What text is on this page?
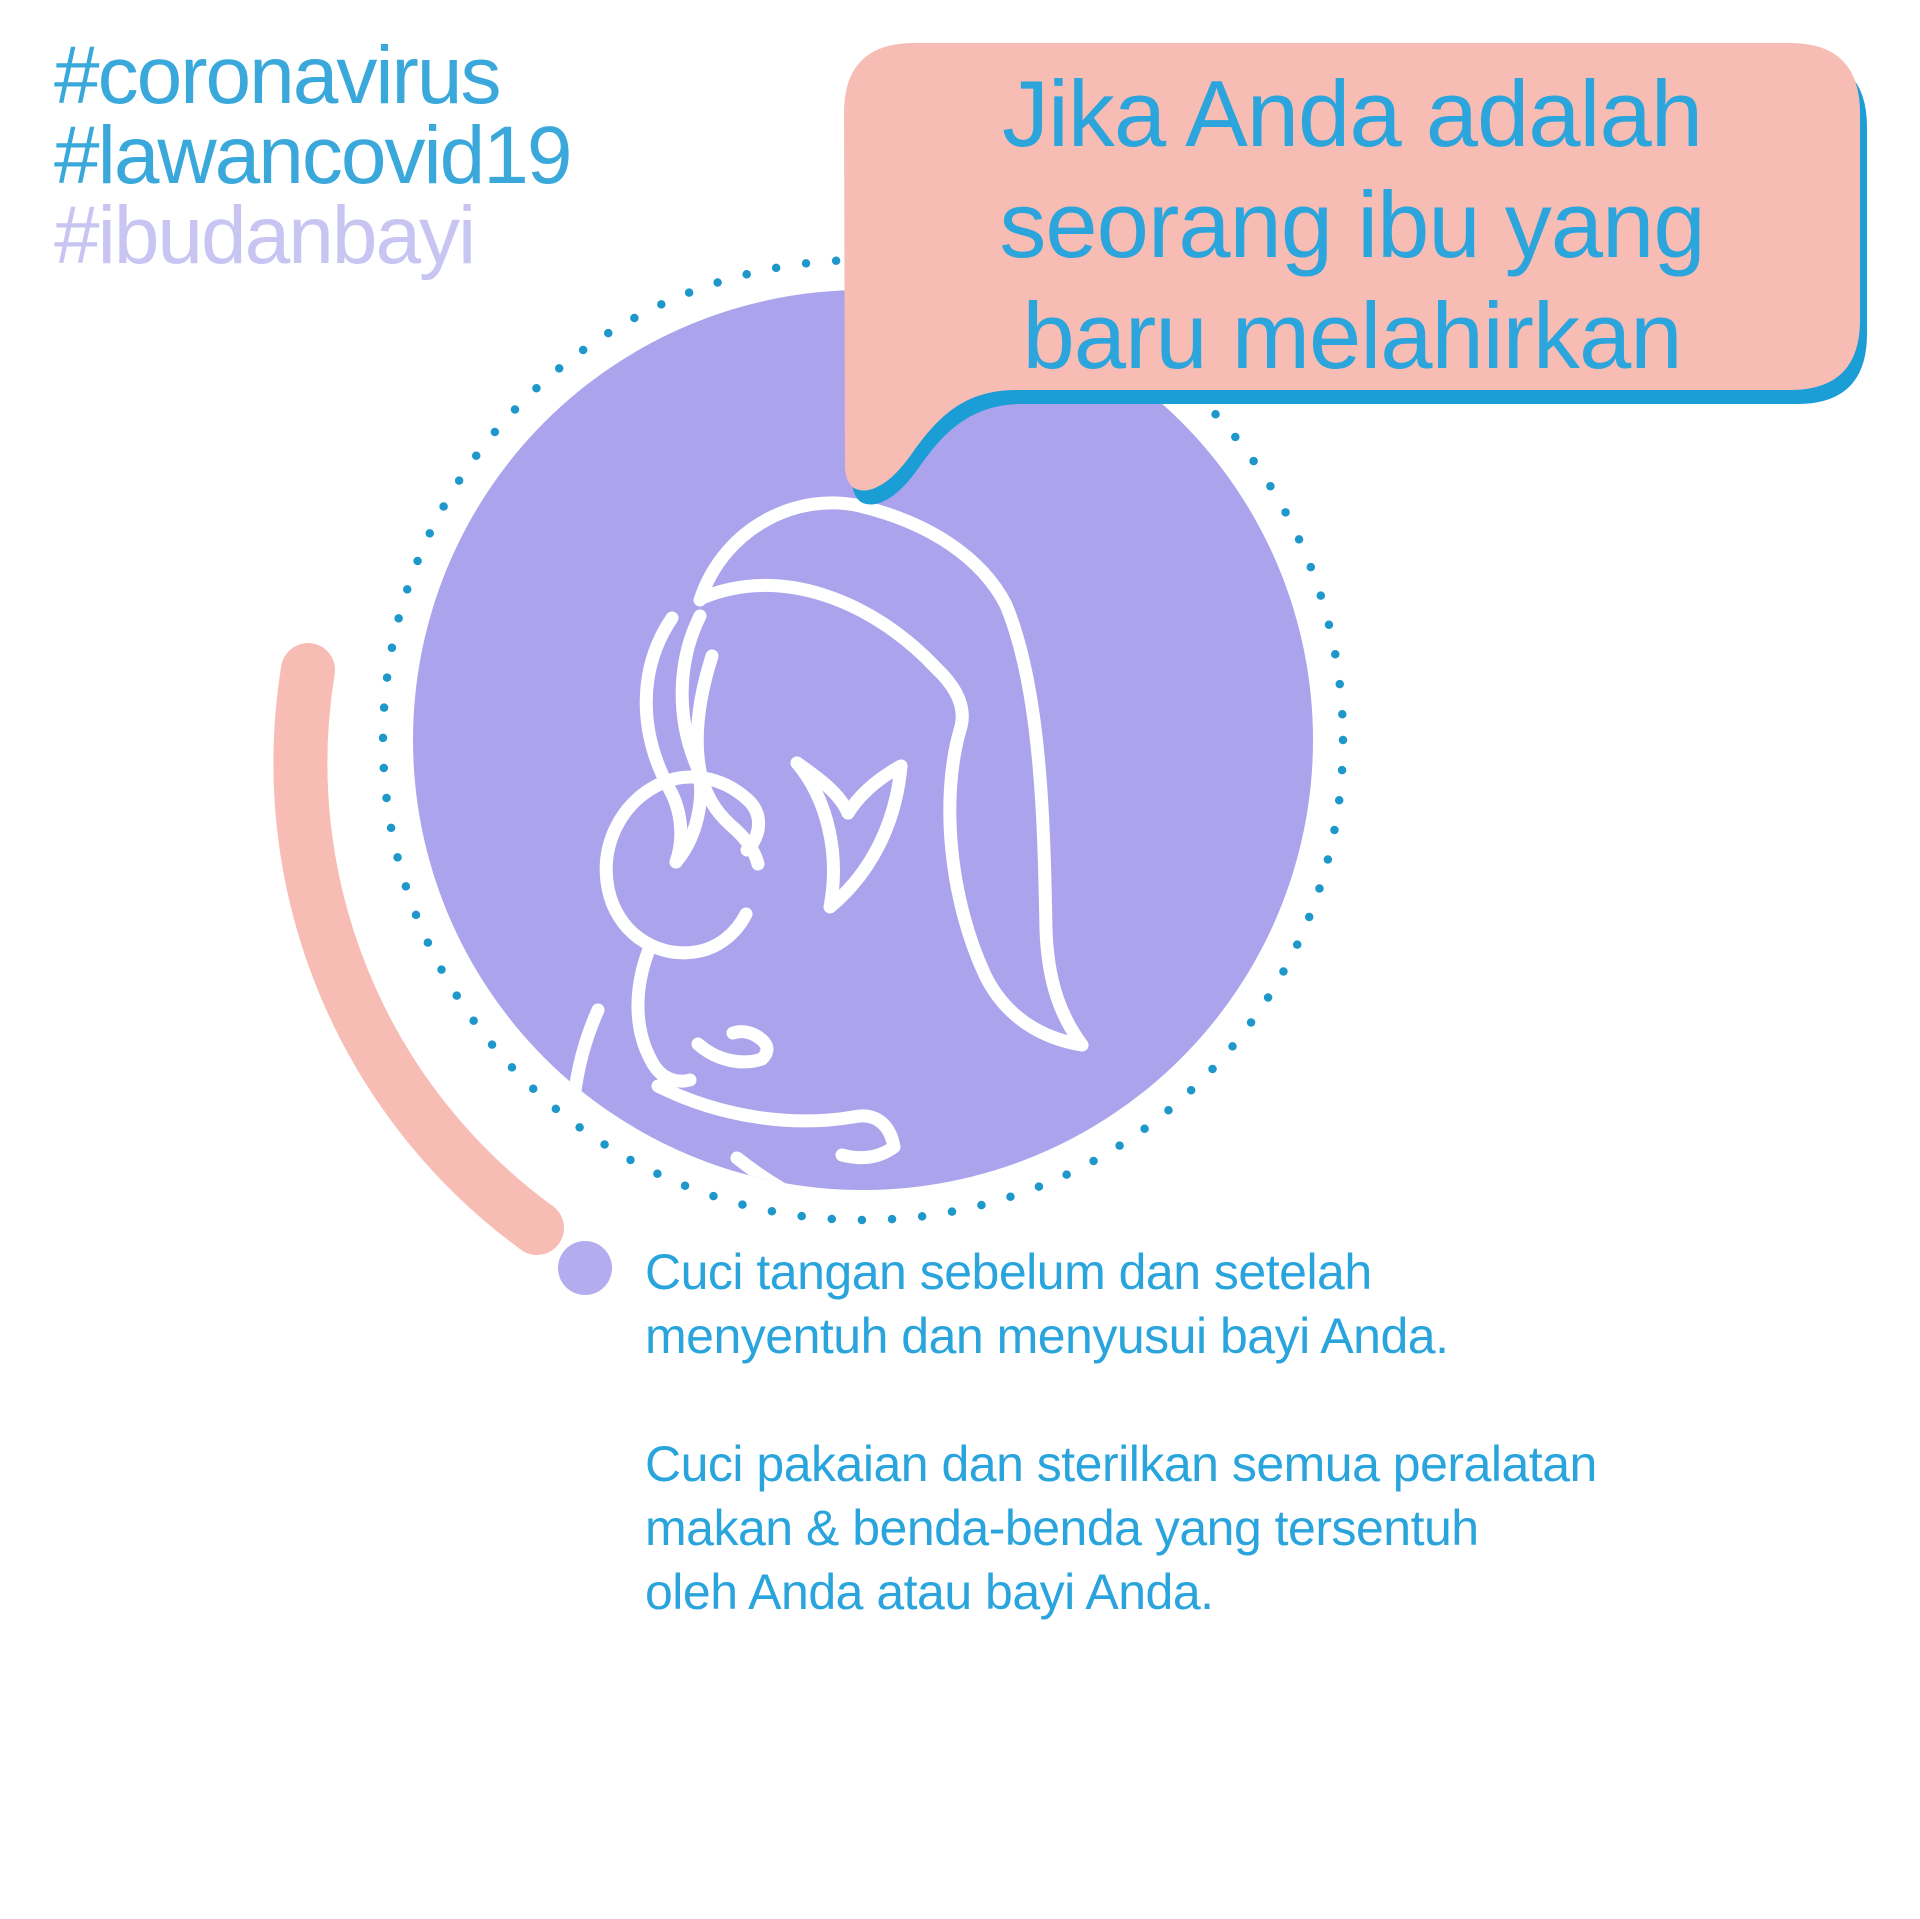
#coronavirus
#lawancovid19
#ibudanbayi
Jika Anda adalah
seorang ibu yang
baru melahirkan

Cuci tangan sebelum dan setelah
menyentuh dan menyusui bayi Anda.

Cuci pakaian dan sterilkan semua peralatan
makan & benda-benda yang tersentuh
oleh Anda atau bayi Anda.
